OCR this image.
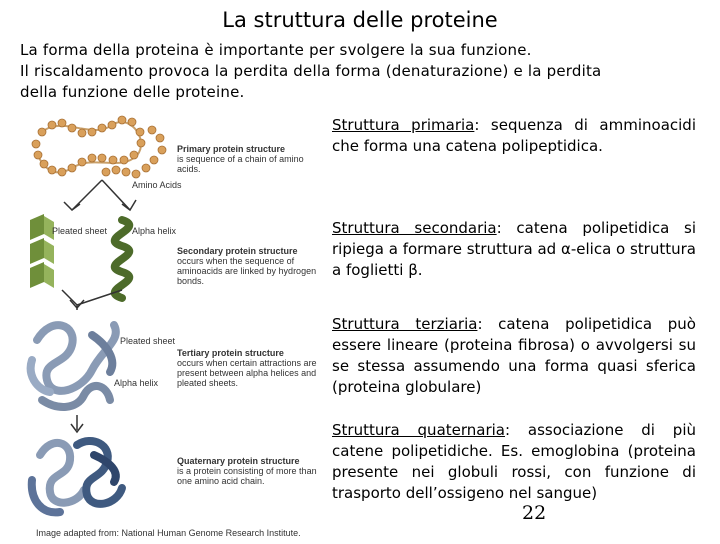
La struttura delle proteine
La forma della proteina è importante per svolgere la sua funzione.
Il riscaldamento provoca la perdita della forma (denaturazione) e la perdita
della funzione delle proteine.
Primary protein structure
is sequence of a chain of amino acids.
Amino Acids
Pleated sheet	Alpha helix
Secondary protein structure
occurs when the sequence of aminoacids are linked by hydrogen bonds.
Pleated sheet
Tertiary protein structure
occurs when certain attractions are present between alpha helices and pleated sheets.
Alpha helix
Quaternary protein structure
is a protein consisting of more than one amino acid chain.
Image adapted from: National Human Genome Research Institute.
Struttura primaria: sequenza di amminoacidi che forma una catena polipeptidica.
Struttura secondaria: catena polipetidica si ripiega a formare struttura ad α-elica o struttura a foglietti β.
Struttura terziaria: catena polipetidica può essere lineare (proteina fibrosa) o avvolgersi su se stessa assumendo una forma quasi sferica (proteina globulare)
Struttura quaternaria: associazione di più catene polipetidiche. Es. emoglobina (proteina presente nei globuli rossi, con funzione di trasporto dell’ossigeno nel sangue)
22
